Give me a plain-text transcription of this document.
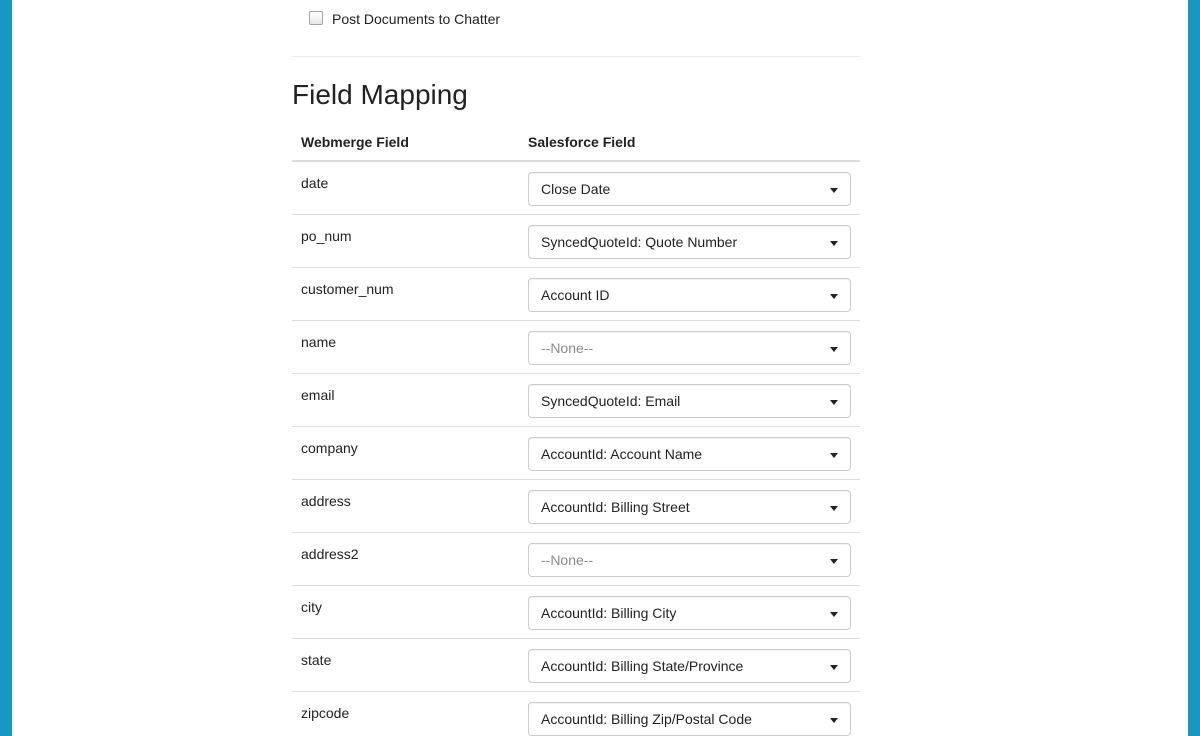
Post Documents to Chatter
Field Mapping
Webmerge Field	Salesforce Field
date	Close Date

po_num	SyncedQuoteId: Quote Number

customer_num	Account ID

name	--None--

email	SyncedQuoteId: Email

company	AccountId: Account Name

address	AccountId: Billing Street

address2	--None--

city	AccountId: Billing City

state	AccountId: Billing State/Province

zipcode	AccountId: Billing Zip/Postal Code
